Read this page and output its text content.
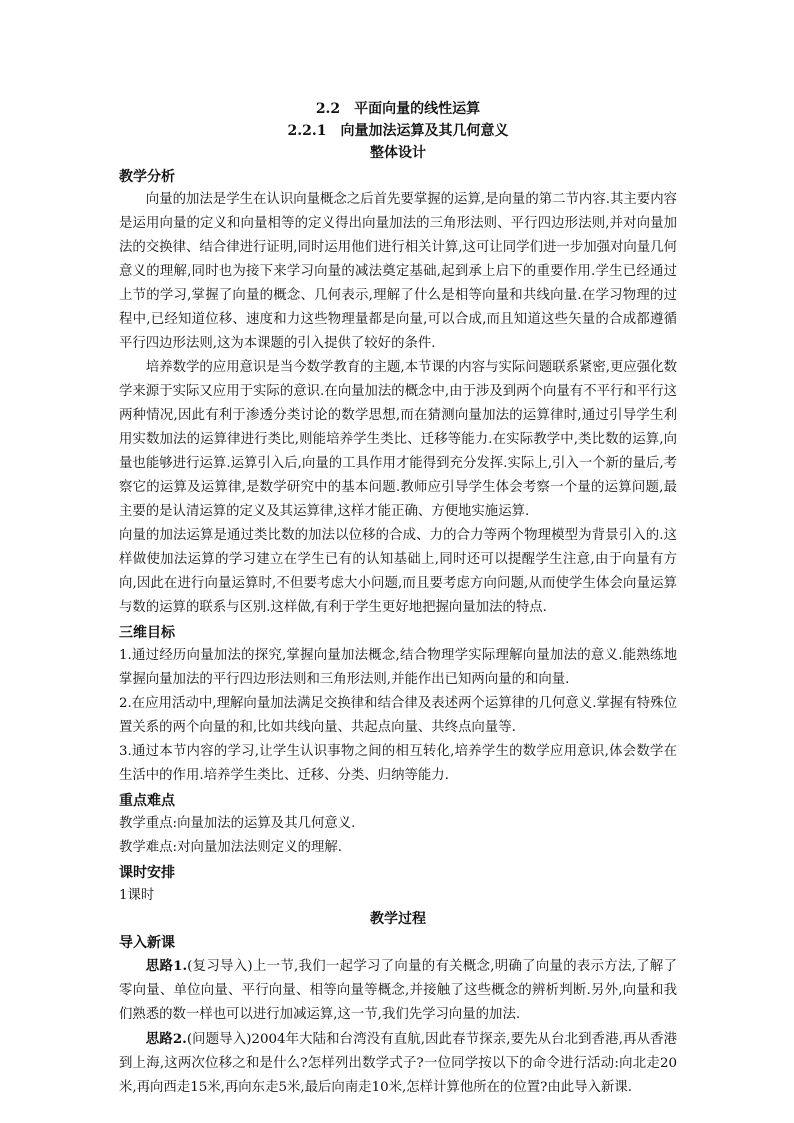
2.2　平面向量的线性运算
2.2.1　向量加法运算及其几何意义
整体设计
教学分析

向量的加法是学生在认识向量概念之后首先要掌握的运算,是向量的第二节内容.其主要内容是运用向量的定义和向量相等的定义得出向量加法的三角形法则、平行四边形法则,并对向量加法的交换律、结合律进行证明,同时运用他们进行相关计算,这可让同学们进一步加强对向量几何意义的理解,同时也为接下来学习向量的减法奠定基础,起到承上启下的重要作用.学生已经通过上节的学习,掌握了向量的概念、几何表示,理解了什么是相等向量和共线向量.在学习物理的过程中,已经知道位移、速度和力这些物理量都是向量,可以合成,而且知道这些矢量的合成都遵循平行四边形法则,这为本课题的引入提供了较好的条件.

培养数学的应用意识是当今数学教育的主题,本节课的内容与实际问题联系紧密,更应强化数学来源于实际又应用于实际的意识.在向量加法的概念中,由于涉及到两个向量有不平行和平行这两种情况,因此有利于渗透分类讨论的数学思想,而在猜测向量加法的运算律时,通过引导学生利用实数加法的运算律进行类比,则能培养学生类比、迁移等能力.在实际教学中,类比数的运算,向量也能够进行运算.运算引入后,向量的工具作用才能得到充分发挥.实际上,引入一个新的量后,考察它的运算及运算律,是数学研究中的基本问题.教师应引导学生体会考察一个量的运算问题,最主要的是认清运算的定义及其运算律,这样才能正确、方便地实施运算.

向量的加法运算是通过类比数的加法以位移的合成、力的合力等两个物理模型为背景引入的.这样做使加法运算的学习建立在学生已有的认知基础上,同时还可以提醒学生注意,由于向量有方向,因此在进行向量运算时,不但要考虑大小问题,而且要考虑方向问题,从而使学生体会向量运算与数的运算的联系与区别.这样做,有利于学生更好地把握向量加法的特点.

三维目标

1.通过经历向量加法的探究,掌握向量加法概念,结合物理学实际理解向量加法的意义.能熟练地掌握向量加法的平行四边形法则和三角形法则,并能作出已知两向量的和向量.

2.在应用活动中,理解向量加法满足交换律和结合律及表述两个运算律的几何意义.掌握有特殊位置关系的两个向量的和,比如共线向量、共起点向量、共终点向量等.

3.通过本节内容的学习,让学生认识事物之间的相互转化,培养学生的数学应用意识,体会数学在生活中的作用.培养学生类比、迁移、分类、归纳等能力.

重点难点

教学重点:向量加法的运算及其几何意义.

教学难点:对向量加法法则定义的理解.

课时安排

1课时

教学过程
导入新课

思路1.(复习导入)上一节,我们一起学习了向量的有关概念,明确了向量的表示方法,了解了零向量、单位向量、平行向量、相等向量等概念,并接触了这些概念的辨析判断.另外,向量和我们熟悉的数一样也可以进行加减运算,这一节,我们先学习向量的加法.

思路2.(问题导入)2004年大陆和台湾没有直航,因此春节探亲,要先从台北到香港,再从香港到上海,这两次位移之和是什么?怎样列出数学式子?一位同学按以下的命令进行活动:向北走20米,再向西走15米,再向东走5米,最后向南走10米,怎样计算他所在的位置?由此导入新课.
